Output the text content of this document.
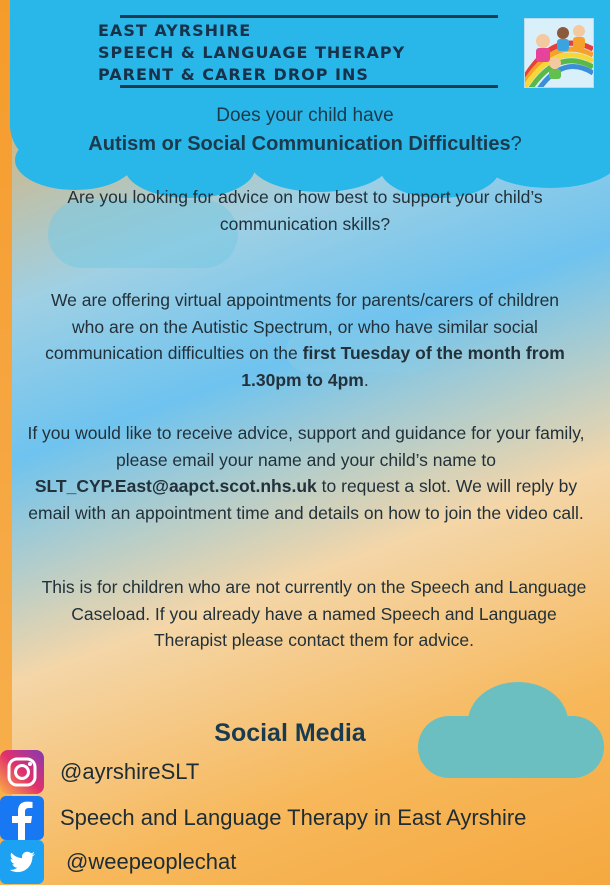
EAST AYRSHIRE
SPEECH & LANGUAGE THERAPY
PARENT & CARER DROP INS
Does your child have
Autism or Social Communication Difficulties?

Are you looking for advice on how best to support your child’s communication skills?

We are offering virtual appointments for parents/carers of children who are on the Autistic Spectrum, or who have similar social communication difficulties on the first Tuesday of the month from 1.30pm to 4pm.

If you would like to receive advice, support and guidance for your family, please email your name and your child’s name to SLT_CYP.East@aapct.scot.nhs.uk to request a slot. We will reply by email with an appointment time and details on how to join the video call.

This is for children who are not currently on the Speech and Language Caseload. If you already have a named Speech and Language Therapist please contact them for advice.

Social Media
@ayrshireSLT
Speech and Language Therapy in East Ayrshire
@weepeoplechat
